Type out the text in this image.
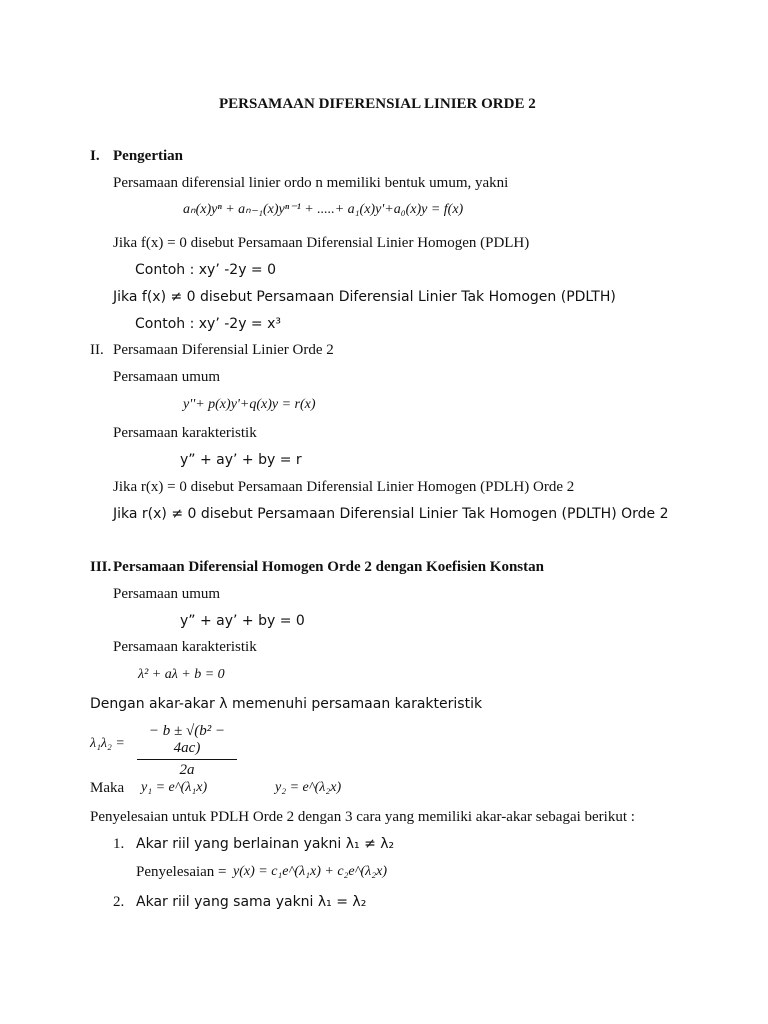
PERSAMAAN DIFERENSIAL LINIER ORDE 2
I. Pengertian
Persamaan diferensial linier ordo n memiliki bentuk umum, yakni
aₙ(x)yⁿ + aₙ₋₁(x)yⁿ⁻¹ + .....+ a₁(x)y'+a₀(x)y = f(x)
Jika f(x) = 0 disebut Persamaan Diferensial Linier Homogen (PDLH)
Contoh : xy’ -2y = 0
Jika f(x) ≠ 0 disebut Persamaan Diferensial Linier Tak Homogen (PDLTH)
Contoh : xy’ -2y = x³
II. Persamaan Diferensial Linier Orde 2
Persamaan umum
y''+ p(x)y'+q(x)y = r(x)
Persamaan karakteristik
y” + ay’ + by = r
Jika r(x) = 0 disebut Persamaan Diferensial Linier Homogen (PDLH) Orde 2
Jika r(x) ≠ 0 disebut Persamaan Diferensial Linier Tak Homogen (PDLTH) Orde 2
III. Persamaan Diferensial Homogen Orde 2 dengan Koefisien Konstan
Persamaan umum
y” + ay’ + by = 0
Persamaan karakteristik
λ² + aλ + b = 0
Dengan akar-akar λ memenuhi persamaan karakteristik
$\lambda_1\lambda_2 = \frac{\text{− b ± √(b² − 4ac)}}{2a}$
Maka y₁ = e^(λ₁x)	y₂ = e^(λ₂x)
Penyelesaian untuk PDLH Orde 2 dengan 3 cara yang memiliki akar-akar sebagai berikut :
1. Akar riil yang berlainan yakni λ₁ ≠ λ₂
Penyelesaian = y(x) = c₁e^(λ₁x) + c₂e^(λ₂x)
2. Akar riil yang sama yakni λ₁ = λ₂
